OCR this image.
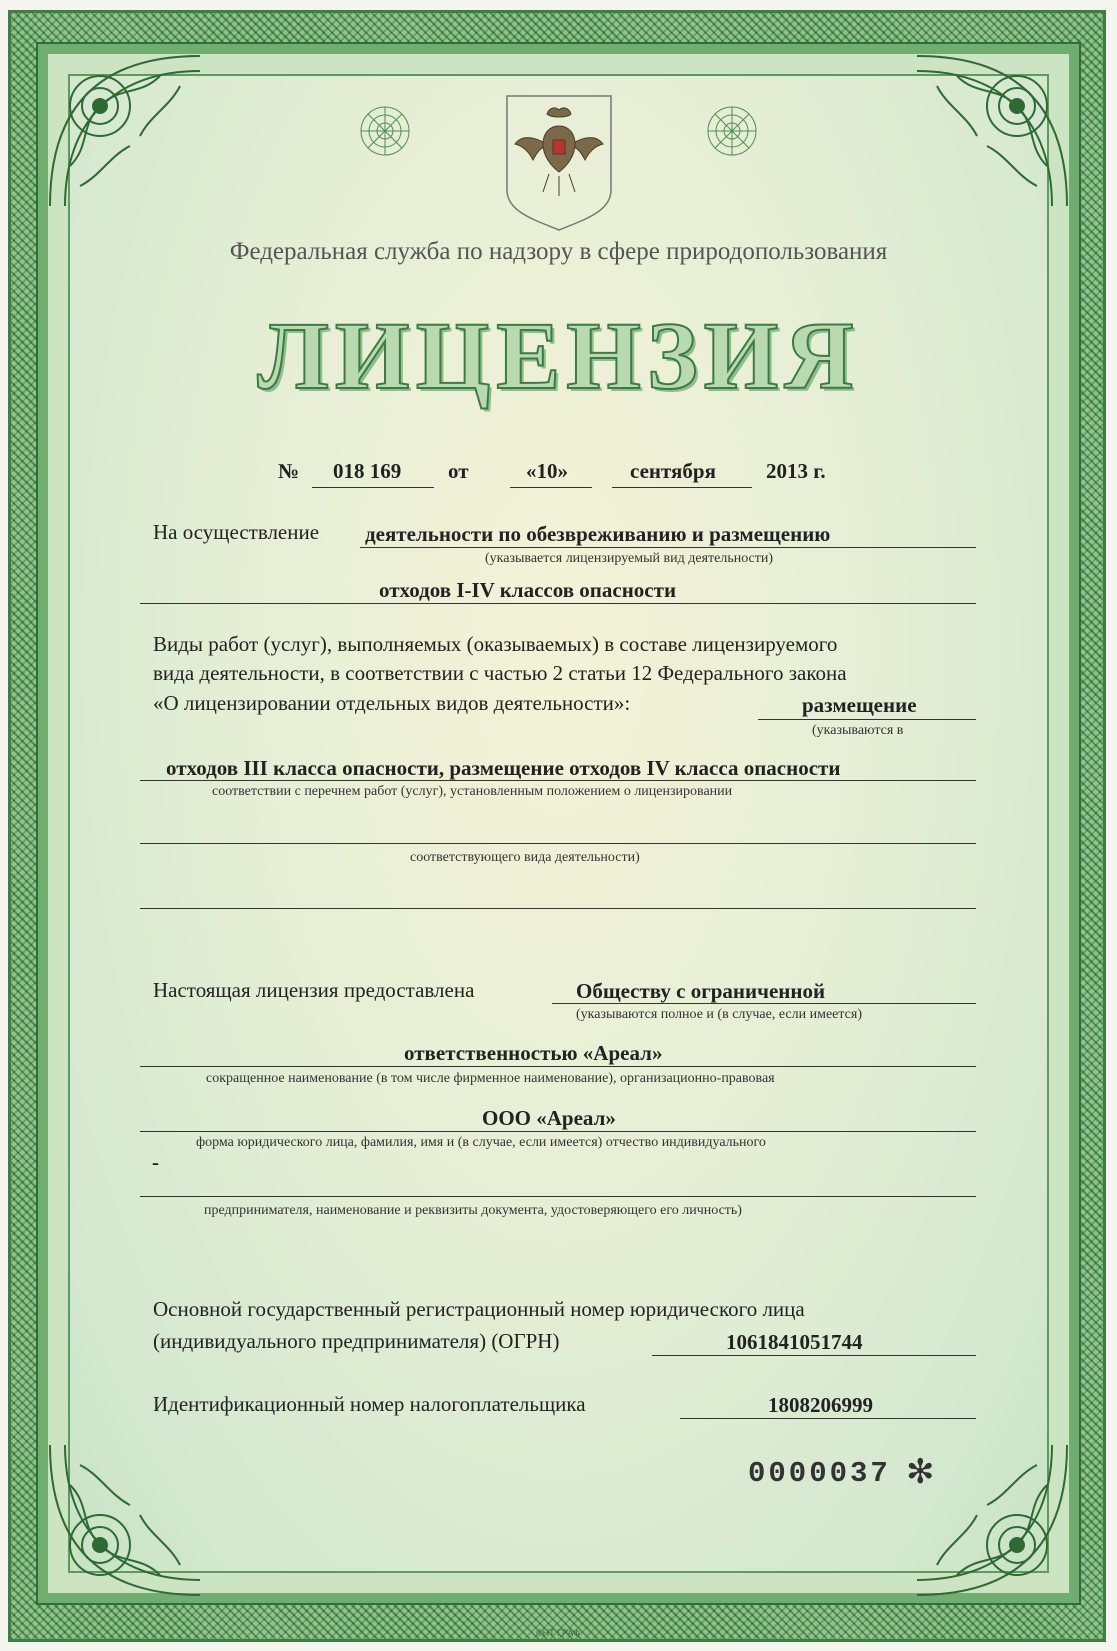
Федеральная служба по надзору в сфере природопользования
ЛИЦЕНЗИЯ
№ 018 169 от	«10»	сентября 2013 г.
На осуществление деятельности по обезвреживанию и размещению
(указывается лицензируемый вид деятельности)
отходов I-IV классов опасности
Виды работ (услуг), выполняемых (оказываемых) в составе лицензируемого
вида деятельности, в соответствии с частью 2 статьи 12 Федерального закона
«О лицензировании отдельных видов деятельности»:	размещение
(указываются в
отходов III класса опасности, размещение отходов IV класса опасности
соответствии с перечнем работ (услуг), установленным положением о лицензировании
соответствующего вида деятельности)
Настоящая лицензия предоставлена	Обществу с ограниченной
(указываются полное и (в случае, если имеется)
ответственностью «Ареал»
сокращенное наименование (в том числе фирменное наименование), организационно-правовая
ООО «Ареал»
форма юридического лица, фамилия, имя и (в случае, если имеется) отчество индивидуального
-
предпринимателя, наименование и реквизиты документа, удостоверяющего его личность)
Основной государственный регистрационный номер юридического лица
(индивидуального предпринимателя) (ОГРН)	1061841051744
Идентификационный номер налогоплательщика	1808206999
0000037 ✻
©НТ ГРАФ
